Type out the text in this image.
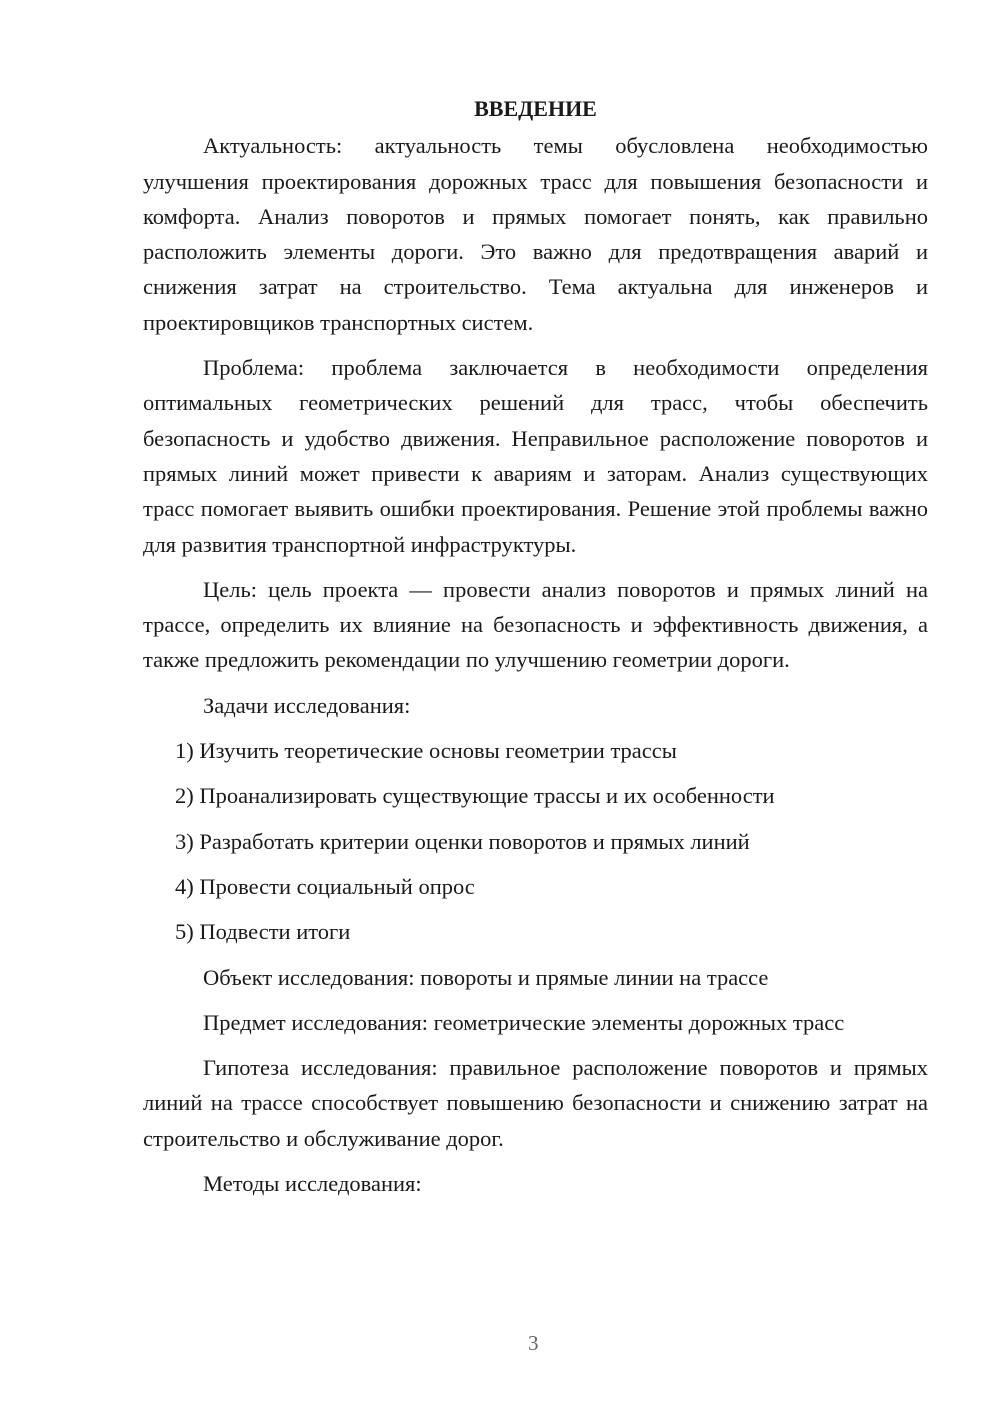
ВВЕДЕНИЕ

Актуальность: актуальность темы обусловлена необходимостью улучшения проектирования дорожных трасс для повышения безопасности и комфорта. Анализ поворотов и прямых помогает понять, как правильно расположить элементы дороги. Это важно для предотвращения аварий и снижения затрат на строительство. Тема актуальна для инженеров и проектировщиков транспортных систем.

Проблема: проблема заключается в необходимости определения оптимальных геометрических решений для трасс, чтобы обеспечить безопасность и удобство движения. Неправильное расположение поворотов и прямых линий может привести к авариям и заторам. Анализ существующих трасс помогает выявить ошибки проектирования. Решение этой проблемы важно для развития транспортной инфраструктуры.

Цель: цель проекта — провести анализ поворотов и прямых линий на трассе, определить их влияние на безопасность и эффективность движения, а также предложить рекомендации по улучшению геометрии дороги.

Задачи исследования:

1) Изучить теоретические основы геометрии трассы

2) Проанализировать существующие трассы и их особенности

3) Разработать критерии оценки поворотов и прямых линий

4) Провести социальный опрос

5) Подвести итоги

Объект исследования: повороты и прямые линии на трассе

Предмет исследования: геометрические элементы дорожных трасс

Гипотеза исследования: правильное расположение поворотов и прямых линий на трассе способствует повышению безопасности и снижению затрат на строительство и обслуживание дорог.

Методы исследования:

3
